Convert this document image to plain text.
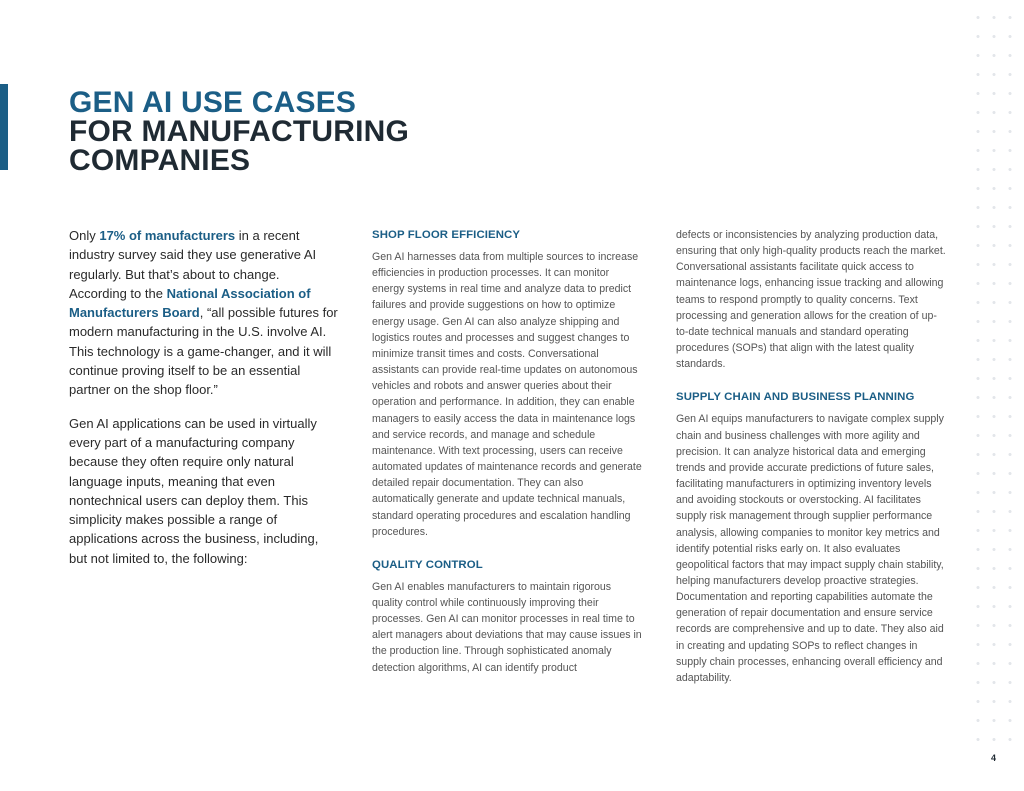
GEN AI USE CASES
FOR MANUFACTURING
COMPANIES

Only 17% of manufacturers in a recent industry survey said they use generative AI regularly. But that’s about to change. According to the National Association of Manufacturers Board, “all possible futures for modern manufacturing in the U.S. involve AI. This technology is a game-changer, and it will continue proving itself to be an essential partner on the shop floor.”

Gen AI applications can be used in virtually every part of a manufacturing company because they often require only natural language inputs, meaning that even nontechnical users can deploy them. This simplicity makes possible a range of applications across the business, including, but not limited to, the following:

SHOP FLOOR EFFICIENCY

Gen AI harnesses data from multiple sources to increase efficiencies in production processes. It can monitor energy systems in real time and analyze data to predict failures and provide suggestions on how to optimize energy usage. Gen AI can also analyze shipping and logistics routes and processes and suggest changes to minimize transit times and costs. Conversational assistants can provide real-time updates on autonomous vehicles and robots and answer queries about their operation and performance. In addition, they can enable managers to easily access the data in maintenance logs and service records, and manage and schedule maintenance. With text processing, users can receive automated updates of maintenance records and generate detailed repair documentation. They can also automatically generate and update technical manuals, standard operating procedures and escalation handling procedures.

QUALITY CONTROL

Gen AI enables manufacturers to maintain rigorous quality control while continuously improving their processes. Gen AI can monitor processes in real time to alert managers about deviations that may cause issues in the production line. Through sophisticated anomaly detection algorithms, AI can identify product

defects or inconsistencies by analyzing production data, ensuring that only high-quality products reach the market. Conversational assistants facilitate quick access to maintenance logs, enhancing issue tracking and allowing teams to respond promptly to quality concerns. Text processing and generation allows for the creation of up-to-date technical manuals and standard operating procedures (SOPs) that align with the latest quality standards.

SUPPLY CHAIN AND BUSINESS PLANNING

Gen AI equips manufacturers to navigate complex supply chain and business challenges with more agility and precision. It can analyze historical data and emerging trends and provide accurate predictions of future sales, facilitating manufacturers in optimizing inventory levels and avoiding stockouts or overstocking. AI facilitates supply risk management through supplier performance analysis, allowing companies to monitor key metrics and identify potential risks early on. It also evaluates geopolitical factors that may impact supply chain stability, helping manufacturers develop proactive strategies. Documentation and reporting capabilities automate the generation of repair documentation and ensure service records are comprehensive and up to date. They also aid in creating and updating SOPs to reflect changes in supply chain processes, enhancing overall efficiency and adaptability.

4
